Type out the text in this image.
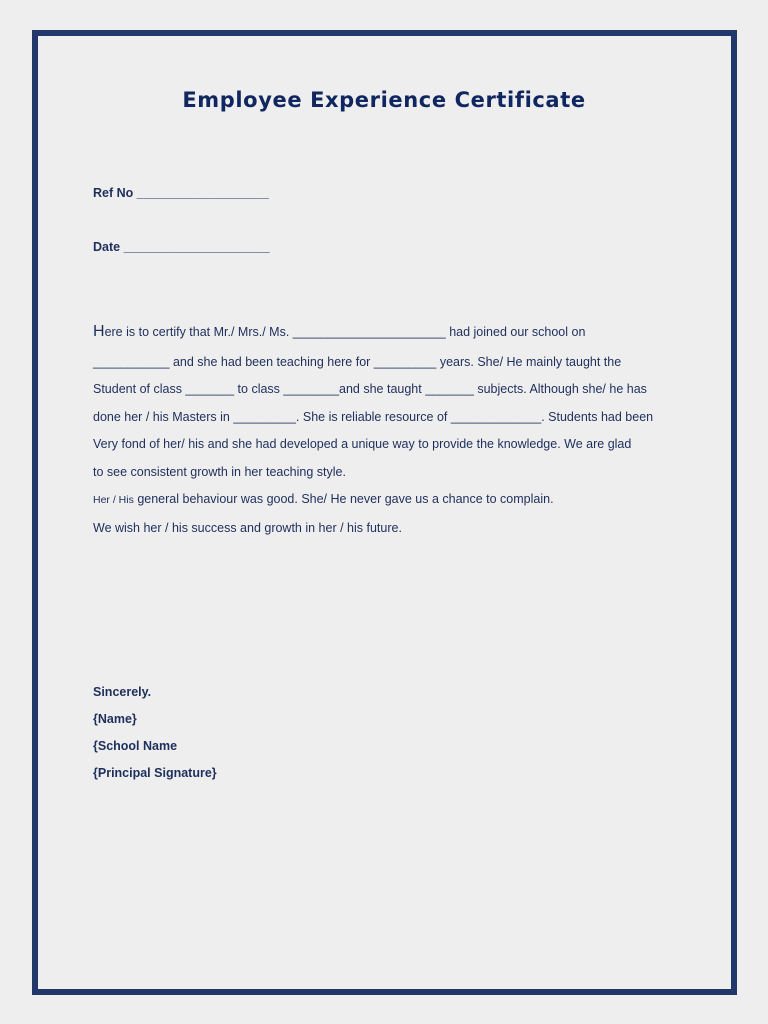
Employee Experience Certificate
Ref No ___________________
Date _____________________
Here is to certify that Mr./ Mrs./ Ms. ______________________ had joined our school on
___________ and she had been teaching here for _________ years. She/ He mainly taught the
Student of class _______ to class ________and she taught _______ subjects. Although she/ he has
done her / his Masters in _________. She is reliable resource of _____________. Students had been
Very fond of her/ his and she had developed a unique way to provide the knowledge. We are glad
to see consistent growth in her teaching style.
Her / His general behaviour was good. She/ He never gave us a chance to complain.
We wish her / his success and growth in her / his future.
Sincerely.
{Name}
{School Name
{Principal Signature}
